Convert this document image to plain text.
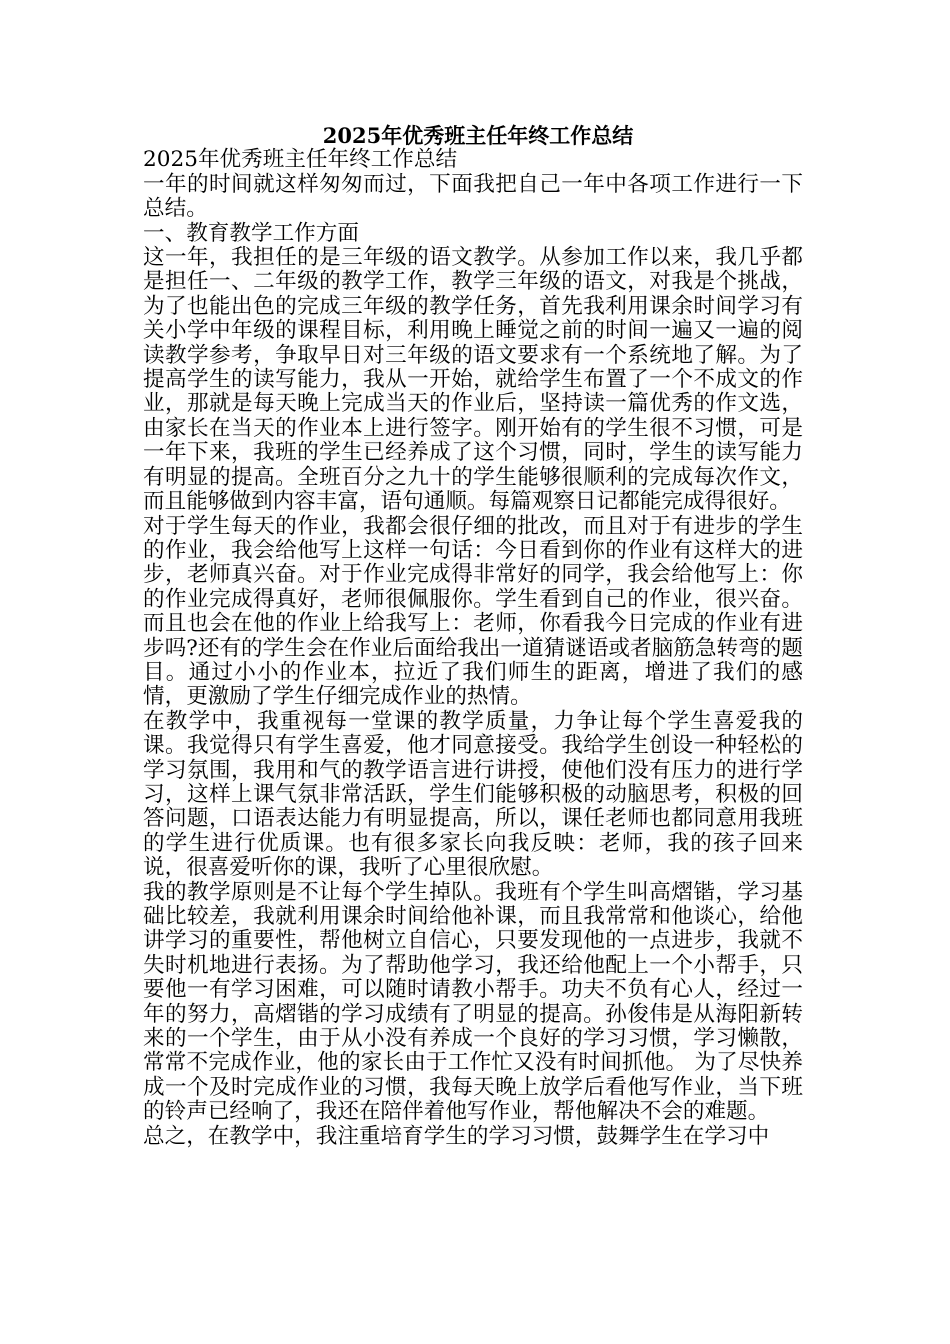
2025年优秀班主任年终工作总结

2025年优秀班主任年终工作总结

一年的时间就这样匆匆而过，下面我把自己一年中各项工作进行一下总结。

一、教育教学工作方面

这一年，我担任的是三年级的语文教学。从参加工作以来，我几乎都是担任一、二年级的教学工作，教学三年级的语文，对我是个挑战，为了也能出色的完成三年级的教学任务，首先我利用课余时间学习有关小学中年级的课程目标，利用晚上睡觉之前的时间一遍又一遍的阅读教学参考，争取早日对三年级的语文要求有一个系统地了解。为了提高学生的读写能力，我从一开始，就给学生布置了一个不成文的作业，那就是每天晚上完成当天的作业后，坚持读一篇优秀的作文选，由家长在当天的作业本上进行签字。刚开始有的学生很不习惯，可是一年下来，我班的学生已经养成了这个习惯，同时，学生的读写能力有明显的提高。全班百分之九十的学生能够很顺利的完成每次作文，而且能够做到内容丰富，语句通顺。每篇观察日记都能完成得很好。

对于学生每天的作业，我都会很仔细的批改，而且对于有进步的学生的作业，我会给他写上这样一句话：今日看到你的作业有这样大的进步，老师真兴奋。对于作业完成得非常好的同学，我会给他写上：你的作业完成得真好，老师很佩服你。学生看到自己的作业，很兴奋。而且也会在他的作业上给我写上：老师，你看我今日完成的作业有进步吗?还有的学生会在作业后面给我出一道猜谜语或者脑筋急转弯的题目。通过小小的作业本，拉近了我们师生的距离，增进了我们的感情，更激励了学生仔细完成作业的热情。

在教学中，我重视每一堂课的教学质量，力争让每个学生喜爱我的课。我觉得只有学生喜爱，他才同意接受。我给学生创设一种轻松的学习氛围，我用和气的教学语言进行讲授，使他们没有压力的进行学习，这样上课气氛非常活跃，学生们能够积极的动脑思考，积极的回答问题，口语表达能力有明显提高，所以，课任老师也都同意用我班的学生进行优质课。也有很多家长向我反映：老师，我的孩子回来说，很喜爱听你的课，我听了心里很欣慰。

我的教学原则是不让每个学生掉队。我班有个学生叫高熠锴，学习基础比较差，我就利用课余时间给他补课，而且我常常和他谈心，给他讲学习的重要性，帮他树立自信心，只要发现他的一点进步，我就不失时机地进行表扬。为了帮助他学习，我还给他配上一个小帮手，只要他一有学习困难，可以随时请教小帮手。功夫不负有心人，经过一年的努力，高熠锴的学习成绩有了明显的提高。孙俊伟是从海阳新转来的一个学生，由于从小没有养成一个良好的学习习惯，学习懒散，常常不完成作业，他的家长由于工作忙又没有时间抓他。 为了尽快养成一个及时完成作业的习惯，我每天晚上放学后看他写作业，当下班的铃声已经响了，我还在陪伴着他写作业，帮他解决不会的难题。

总之，在教学中，我注重培育学生的学习习惯，鼓舞学生在学习中
